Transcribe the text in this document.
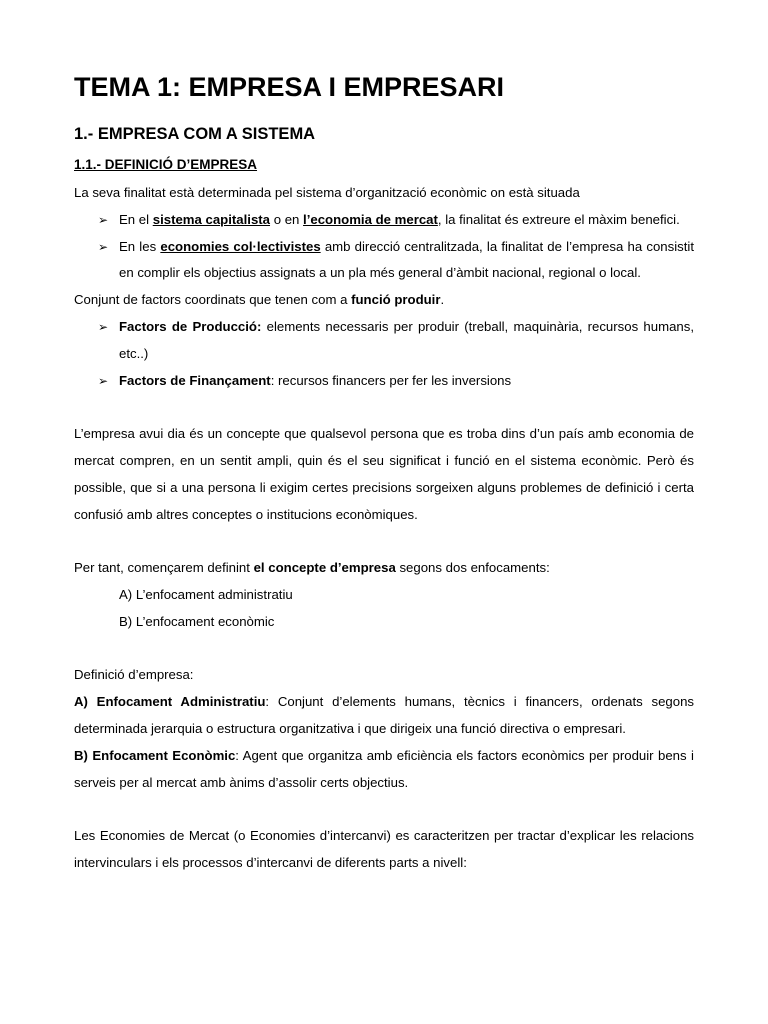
TEMA 1: EMPRESA I EMPRESARI
1.- EMPRESA COM A SISTEMA
1.1.- DEFINICIÓ D’EMPRESA

La seva finalitat està determinada pel sistema d’organització econòmic on està situada

➢ En el sistema capitalista o en l’economia de mercat, la finalitat és extreure el màxim benefici.
➢ En les economies col·lectivistes amb direcció centralitzada, la finalitat de l’empresa ha consistit en complir els objectius assignats a un pla més general d’àmbit nacional, regional o local.

Conjunt de factors coordinats que tenen com a funció produir.

➢ Factors de Producció: elements necessaris per produir (treball, maquinària, recursos humans, etc..)
➢ Factors de Finançament: recursos financers per fer les inversions

L’empresa avui dia és un concepte que qualsevol persona que es troba dins d’un país amb economia de mercat compren, en un sentit ampli, quin és el seu significat i funció en el sistema econòmic. Però és possible, que si a una persona li exigim certes precisions sorgeixen alguns problemes de definició i certa confusió amb altres conceptes o institucions econòmiques.

Per tant, començarem definint el concepte d’empresa segons dos enfocaments:

A) L’enfocament administratiu

B) L’enfocament econòmic

Definició d’empresa:

A) Enfocament Administratiu: Conjunt d’elements humans, tècnics i financers, ordenats segons determinada jerarquia o estructura organitzativa i que dirigeix una funció directiva o empresari.

B) Enfocament Econòmic: Agent que organitza amb eficiència els factors econòmics per produir bens i serveis per al mercat amb ànims d’assolir certs objectius.

Les Economies de Mercat (o Economies d’intercanvi) es caracteritzen per tractar d’explicar les relacions intervinculars i els processos d’intercanvi de diferents parts a nivell:
